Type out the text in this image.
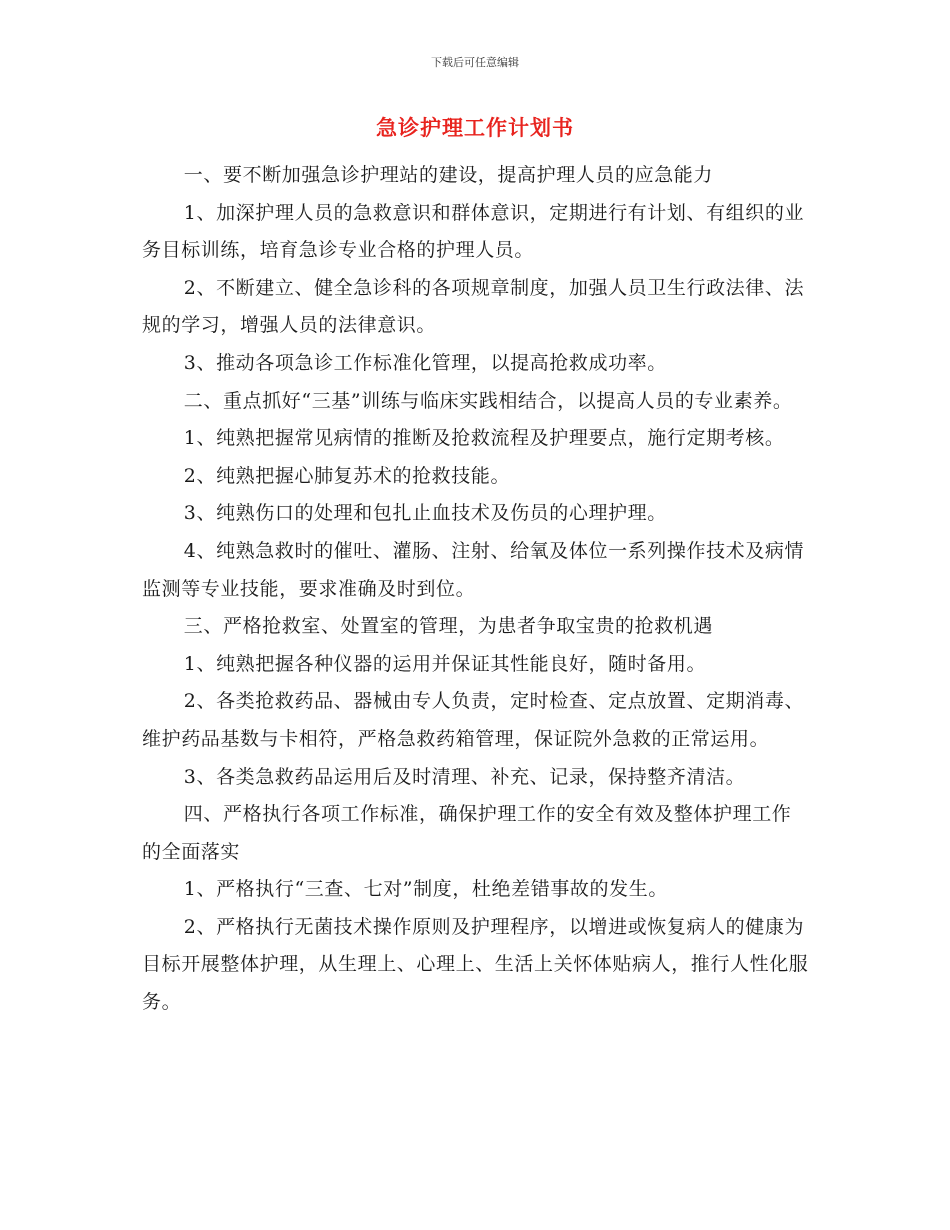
下载后可任意编辑
急诊护理工作计划书

一、要不断加强急诊护理站的建设，提高护理人员的应急能力

1、加深护理人员的急救意识和群体意识，定期进行有计划、有组织的业务目标训练，培育急诊专业合格的护理人员。

2、不断建立、健全急诊科的各项规章制度，加强人员卫生行政法律、法规的学习，增强人员的法律意识。

3、推动各项急诊工作标准化管理，以提高抢救成功率。

二、重点抓好“三基”训练与临床实践相结合，以提高人员的专业素养。

1、纯熟把握常见病情的推断及抢救流程及护理要点，施行定期考核。

2、纯熟把握心肺复苏术的抢救技能。

3、纯熟伤口的处理和包扎止血技术及伤员的心理护理。

4、纯熟急救时的催吐、灌肠、注射、给氧及体位一系列操作技术及病情监测等专业技能，要求准确及时到位。

三、严格抢救室、处置室的管理，为患者争取宝贵的抢救机遇

1、纯熟把握各种仪器的运用并保证其性能良好，随时备用。

2、各类抢救药品、器械由专人负责，定时检查、定点放置、定期消毒、维护药品基数与卡相符，严格急救药箱管理，保证院外急救的正常运用。

3、各类急救药品运用后及时清理、补充、记录，保持整齐清洁。

四、严格执行各项工作标准，确保护理工作的安全有效及整体护理工作的全面落实

1、严格执行“三查、七对”制度，杜绝差错事故的发生。

2、严格执行无菌技术操作原则及护理程序，以增进或恢复病人的健康为目标开展整体护理，从生理上、心理上、生活上关怀体贴病人，推行人性化服务。
